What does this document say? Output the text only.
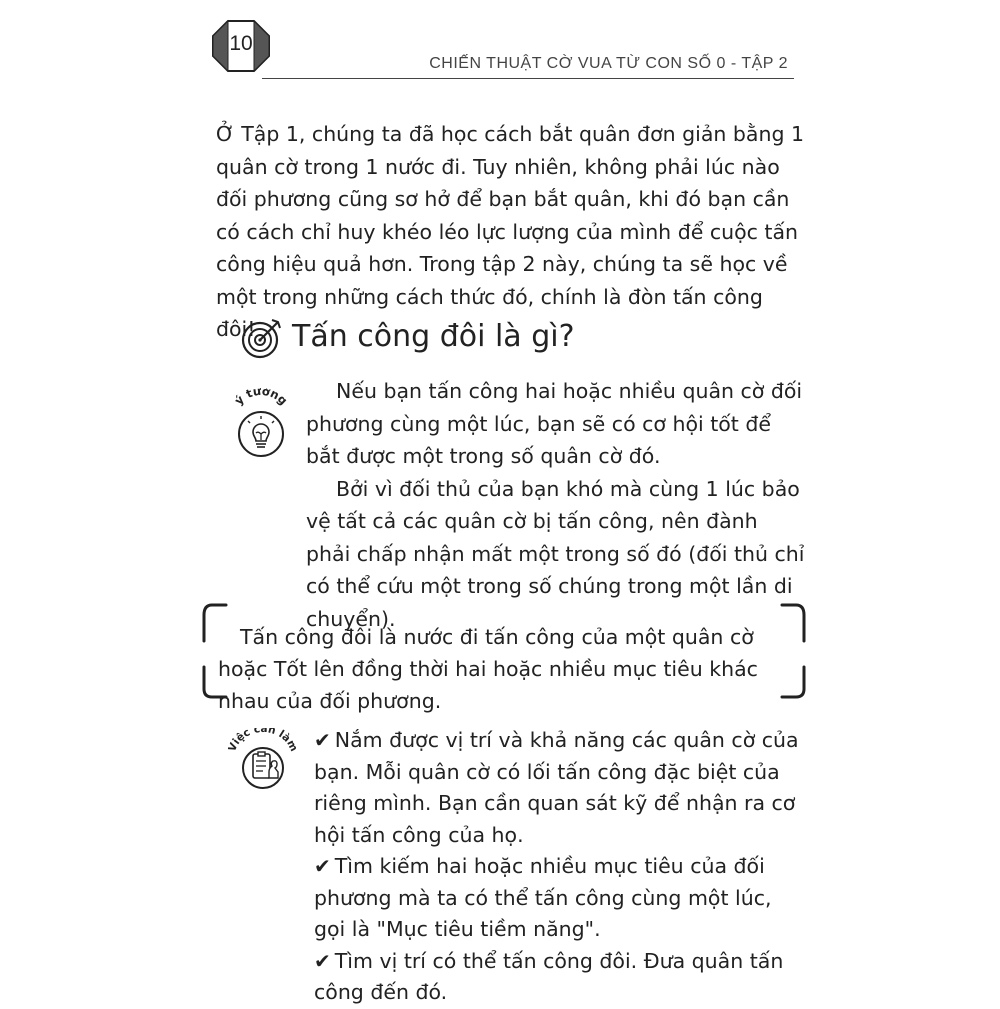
10
CHIẾN THUẬT CỜ VUA TỪ CON SỐ 0 - TẬP 2

Ở Tập 1, chúng ta đã học cách bắt quân đơn giản bằng 1 quân cờ trong 1 nước đi. Tuy nhiên, không phải lúc nào đối phương cũng sơ hở để bạn bắt quân, khi đó bạn cần có cách chỉ huy khéo léo lực lượng của mình để cuộc tấn công hiệu quả hơn. Trong tập 2 này, chúng ta sẽ học về một trong những cách thức đó, chính là đòn tấn công đôi!	Tấn công đôi là gì?
ý tưởng	Nếu bạn tấn công hai hoặc nhiều quân cờ đối phương cùng một lúc, bạn sẽ có cơ hội tốt để bắt được một trong số quân cờ đó.

Bởi vì đối thủ của bạn khó mà cùng 1 lúc bảo vệ tất cả các quân cờ bị tấn công, nên đành phải chấp nhận mất một trong số đó (đối thủ chỉ có thể cứu một trong số chúng trong một lần di chuyển).

Tấn công đôi là nước đi tấn công của một quân cờ hoặc Tốt lên đồng thời hai hoặc nhiều mục tiêu khác nhau của đối phương.

iệc cần là	✔ Nắm được vị trí và khả năng các quân cờ của bạn. Mỗi quân cờ có lối tấn công đặc biệt của riêng mình. Bạn cần quan sát kỹ để nhận ra cơ hội tấn công của họ.

✔ Tìm kiếm hai hoặc nhiều mục tiêu của đối phương mà ta có thể tấn công cùng một lúc, gọi là "Mục tiêu tiềm năng".

✔ Tìm vị trí có thể tấn công đôi. Đưa quân tấn công đến đó.
